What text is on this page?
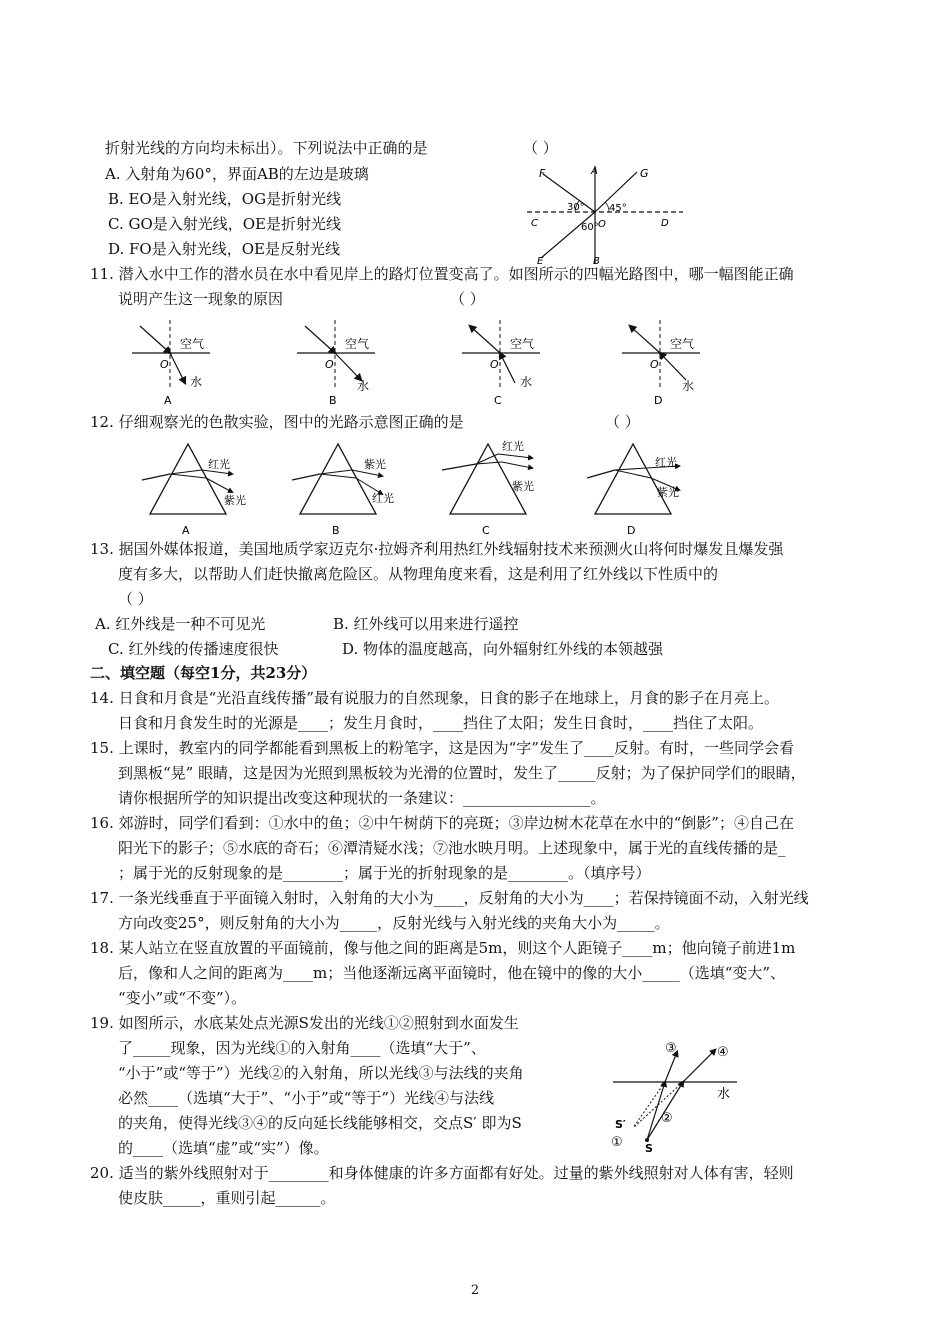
折射光线的方向均未标出）。下列说法中正确的是	（ ）
A. 入射角为60°，界面AB的左边是玻璃
B. EO是入射光线，OG是折射光线
C. GO是入射光线，OE是折射光线
D. FO是入射光线，OE是反射光线
F	A	G
C	O	D
E	B
30° 45°
60°
11. 潜入水中工作的潜水员在水中看见岸上的路灯位置变高了。如图所示的四幅光路图中，哪一幅图能正确
说明产生这一现象的原因	（ ）
空气
O
水
A
空气
O
水
B
空气
O
水
C
空气
O
水
D
12. 仔细观察光的色散实验，图中的光路示意图正确的是	（ ）
红光
紫光
A
紫光
红光
B
红光
紫光
C
红光
紫光
D
13. 据国外媒体报道，美国地质学家迈克尔·拉姆齐利用热红外线辐射技术来预测火山将何时爆发且爆发强
度有多大，以帮助人们赶快撤离危险区。从物理角度来看，这是利用了红外线以下性质中的
（ ）
A. 红外线是一种不可见光	B. 红外线可以用来进行遥控
C. 红外线的传播速度很快	D. 物体的温度越高，向外辐射红外线的本领越强
二、填空题（每空1分，共23分）
14. 日食和月食是“光沿直线传播”最有说服力的自然现象，日食的影子在地球上，月食的影子在月亮上。
日食和月食发生时的光源是____；发生月食时，____挡住了太阳；发生日食时，____挡住了太阳。
15. 上课时，教室内的同学都能看到黑板上的粉笔字，这是因为“字”发生了____反射。有时，一些同学会看
到黑板“晃” 眼睛，这是因为光照到黑板较为光滑的位置时，发生了_____反射；为了保护同学们的眼睛，
请你根据所学的知识提出改变这种现状的一条建议：_________________。
16. 郊游时，同学们看到：①水中的鱼；②中午树荫下的亮斑；③岸边树木花草在水中的“倒影”；④自己在
阳光下的影子；⑤水底的奇石；⑥潭清疑水浅；⑦池水映月明。上述现象中，属于光的直线传播的是_
；属于光的反射现象的是________；属于光的折射现象的是________。（填序号）
17. 一条光线垂直于平面镜入射时，入射角的大小为____，反射角的大小为____；若保持镜面不动，入射光线
方向改变25°，则反射角的大小为_____，反射光线与入射光线的夹角大小为_____。
18. 某人站立在竖直放置的平面镜前，像与他之间的距离是5m，则这个人距镜子____m；他向镜子前进1m
后，像和人之间的距离为____m；当他逐渐远离平面镜时，他在镜中的像的大小_____（选填“变大”、
“变小”或“不变”）。
19. 如图所示，水底某处点光源S发出的光线①②照射到水面发生
了_____现象，因为光线①的入射角____（选填“大于”、
“小于”或“等于”）光线②的入射角，所以光线③与法线的夹角
必然____（选填“大于”、“小于”或“等于”）光线④与法线
的夹角，使得光线③④的反向延长线能够相交，交点S′ 即为S
的____（选填“虚”或“实”）像。
③	④
水
S′	②
① S
20. 适当的紫外线照射对于________和身体健康的许多方面都有好处。过量的紫外线照射对人体有害，轻则
使皮肤_____，重则引起______。
2
